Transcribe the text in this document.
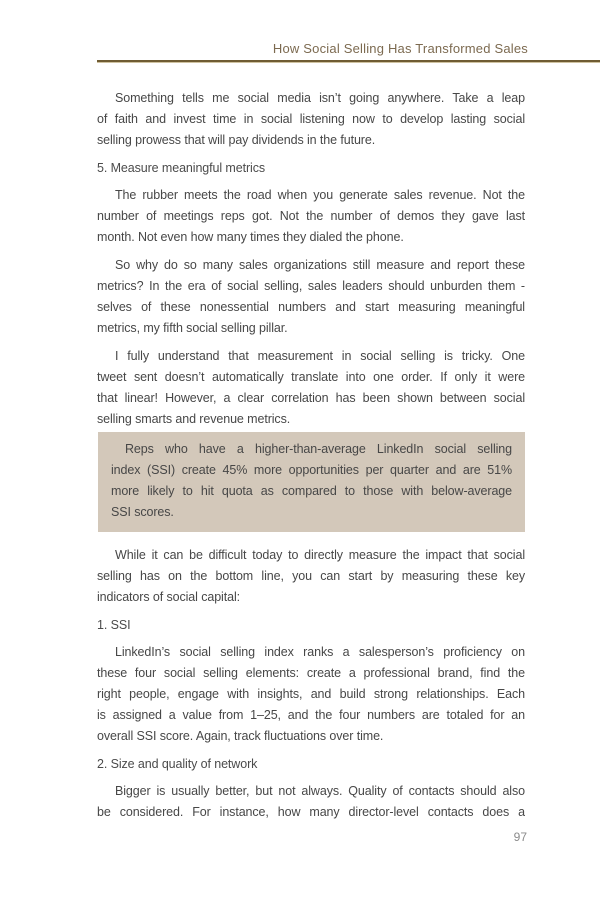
How Social Selling Has Transformed Sales
Something tells me social media isn’t going anywhere. Take a leap
of faith and invest time in social listening now to develop lasting social
selling prowess that will pay dividends in the future.
5. Measure meaningful metrics
The rubber meets the road when you generate sales revenue. Not the
number of meetings reps got. Not the number of demos they gave last
month. Not even how many times they dialed the phone.
So why do so many sales organizations still measure and report these
metrics? In the era of social selling, sales leaders should unburden them -
selves of these nonessential numbers and start measuring meaningful
metrics, my fifth social selling pillar.
I fully understand that measurement in social selling is tricky. One
tweet sent doesn’t automatically translate into one order. If only it were
that linear! However, a clear correlation has been shown between social
selling smarts and revenue metrics.
Reps who have a higher-than-average LinkedIn social selling
index (SSI) create 45% more opportunities per quarter and are 51%
more likely to hit quota as compared to those with below-average
SSI scores.
While it can be difficult today to directly measure the impact that social
selling has on the bottom line, you can start by measuring these key
indicators of social capital:
1. SSI
LinkedIn’s social selling index ranks a salesperson’s proficiency on
these four social selling elements: create a professional brand, find the
right people, engage with insights, and build strong relationships. Each
is assigned a value from 1–25, and the four numbers are totaled for an
overall SSI score. Again, track fluctuations over time.
2. Size and quality of network
Bigger is usually better, but not always. Quality of contacts should also
be considered. For instance, how many director-level contacts does a
97
